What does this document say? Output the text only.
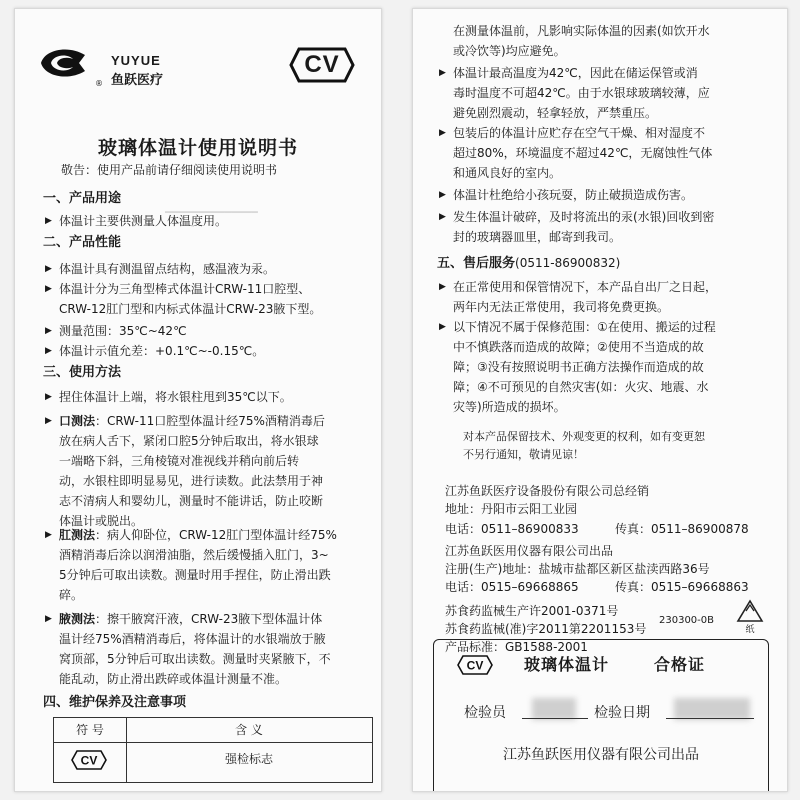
━━━━━━━━━━━━━━
YUYUE
鱼跃医疗
®
CV
玻璃体温计使用说明书
敬告：使用产品前请仔细阅读使用说明书
一、产品用途
▶ 体温计主要供测量人体温度用。
二、产品性能
▶ 体温计具有测温留点结构，感温液为汞。
▶ 体温计分为三角型棒式体温计CRW-11口腔型、
CRW-12肛门型和内标式体温计CRW-23腋下型。
▶ 测量范围：35℃~42℃
▶ 体温计示值允差：+0.1℃~-0.15℃。
三、使用方法
▶ 捏住体温计上端，将水银柱甩到35℃以下。
▶ 口测法：CRW-11口腔型体温计经75%酒精消毒后
放在病人舌下，紧闭口腔5分钟后取出，将水银球
一端略下斜，三角棱镜对准视线并稍向前后转
动，水银柱即明显易见，进行读数。此法禁用于神
志不清病人和婴幼儿，测量时不能讲话，防止咬断
体温计或脱出。
▶ 肛测法：病人仰卧位，CRW-12肛门型体温计经75%
酒精消毒后涂以润滑油脂，然后缓慢插入肛门，3~
5分钟后可取出读数。测量时用手捏住，防止滑出跌
碎。
▶ 腋测法：擦干腋窝汗液，CRW-23腋下型体温计体
温计经75%酒精消毒后，将体温计的水银端放于腋
窝顶部，5分钟后可取出读数。测量时夹紧腋下，不
能乱动，防止滑出跌碎或体温计测量不准。
四、维护保养及注意事项
符 号	含 义
CV	强检标志
在测量体温前，凡影响实际体温的因素(如饮开水
或冷饮等)均应避免。
▶ 体温计最高温度为42℃，因此在储运保管或消
毒时温度不可超42℃。由于水银球玻璃较薄，应
避免剧烈震动，轻拿轻放，严禁重压。
▶ 包装后的体温计应贮存在空气干燥、相对湿度不
超过80%，环境温度不超过42℃，无腐蚀性气体
和通风良好的室内。
▶ 体温计杜绝给小孩玩耍，防止破损造成伤害。
▶ 发生体温计破碎，及时将流出的汞(水银)回收到密
封的玻璃器皿里，邮寄到我司。
五、售后服务(0511-86900832)
▶ 在正常使用和保管情况下，本产品自出厂之日起，
两年内无法正常使用，我司将免费更换。
▶ 以下情况不属于保修范围：①在使用、搬运的过程
中不慎跌落而造成的故障；②使用不当造成的故
障；③没有按照说明书正确方法操作而造成的故
障；④不可预见的自然灾害(如：火灾、地震、水
灾等)所造成的损坏。
对本产品保留技术、外观变更的权利，如有变更恕
不另行通知，敬请见谅！
江苏鱼跃医疗设备股份有限公司总经销
地址：丹阳市云阳工业园
电话：0511–86900833	传真：0511–86900878
江苏鱼跃医用仪器有限公司出品
注册(生产)地址：盐城市盐都区新区盐渎西路36号
电话：0515–69668865	传真：0515–69668863
苏食药监械生产许2001-0371号
苏食药监械(准)字2011第2201153号
产品标准：GB1588-2001
230300-0B
纸
CV	玻璃体温计	合格证
检验员	检验日期
江苏鱼跃医用仪器有限公司出品
